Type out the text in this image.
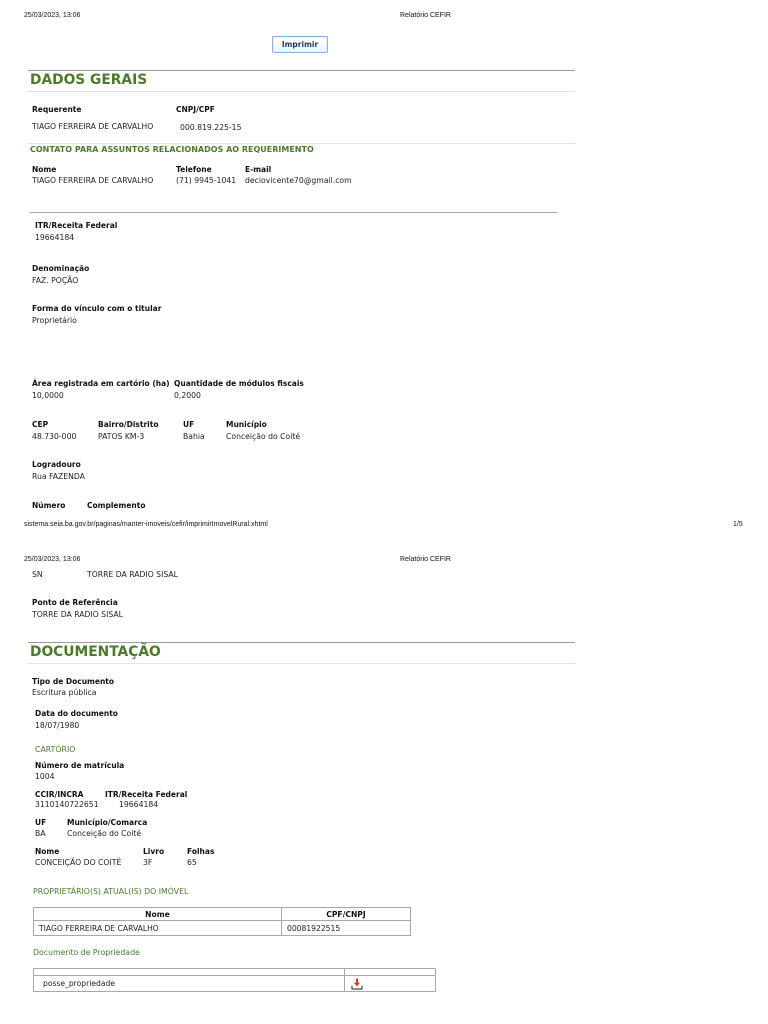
25/03/2023, 13:06	Relatório CEFIR
Imprimir
DADOS GERAIS
Requerente	CNPJ/CPF
TIAGO FERREIRA DE CARVALHO	000.819.225-15
CONTATO PARA ASSUNTOS RELACIONADOS AO REQUERIMENTO
Nome	Telefone	E-mail
TIAGO FERREIRA DE CARVALHO	(71) 9945-1041 deciovicente70@gmail.com
ITR/Receita Federal
19664184
Denominação
FAZ. POÇÃO
Forma do vínculo com o titular
Proprietário
Área registrada em cartório (ha) Quantidade de módulos fiscais
10,0000	0,2000
CEP	Bairro/Distrito	UF	Município
48.730-000	PATOS KM-3	Bahia	Conceição do Coité
Logradouro
Rua FAZENDA
Número	Complemento
sistema.seia.ba.gov.br/paginas/manter-imoveis/cefir/imprimirImovelRural.xhtml	1/5
25/03/2023, 13:06	Relatório CEFIR
SN	TORRE DA RADIO SISAL
Ponto de Referência
TORRE DA RADIO SISAL
DOCUMENTAÇÃO
Tipo de Documento
Escritura pública
Data do documento
18/07/1980
CARTÓRIO
Número de matrícula
1004
CCIR/INCRA	ITR/Receita Federal
3110140722651	19664184
UF	Município/Comarca
BA	Conceição do Coité
Nome	Livro	Folhas
CONCEIÇÃO DO COITÉ	3F	65
PROPRIETÁRIO(S) ATUAL(IS) DO IMÓVEL
Nome	CPF/CNPJ
TIAGO FERREIRA DE CARVALHO	00081922515
Documento de Propriedade

posse_propriedade	
